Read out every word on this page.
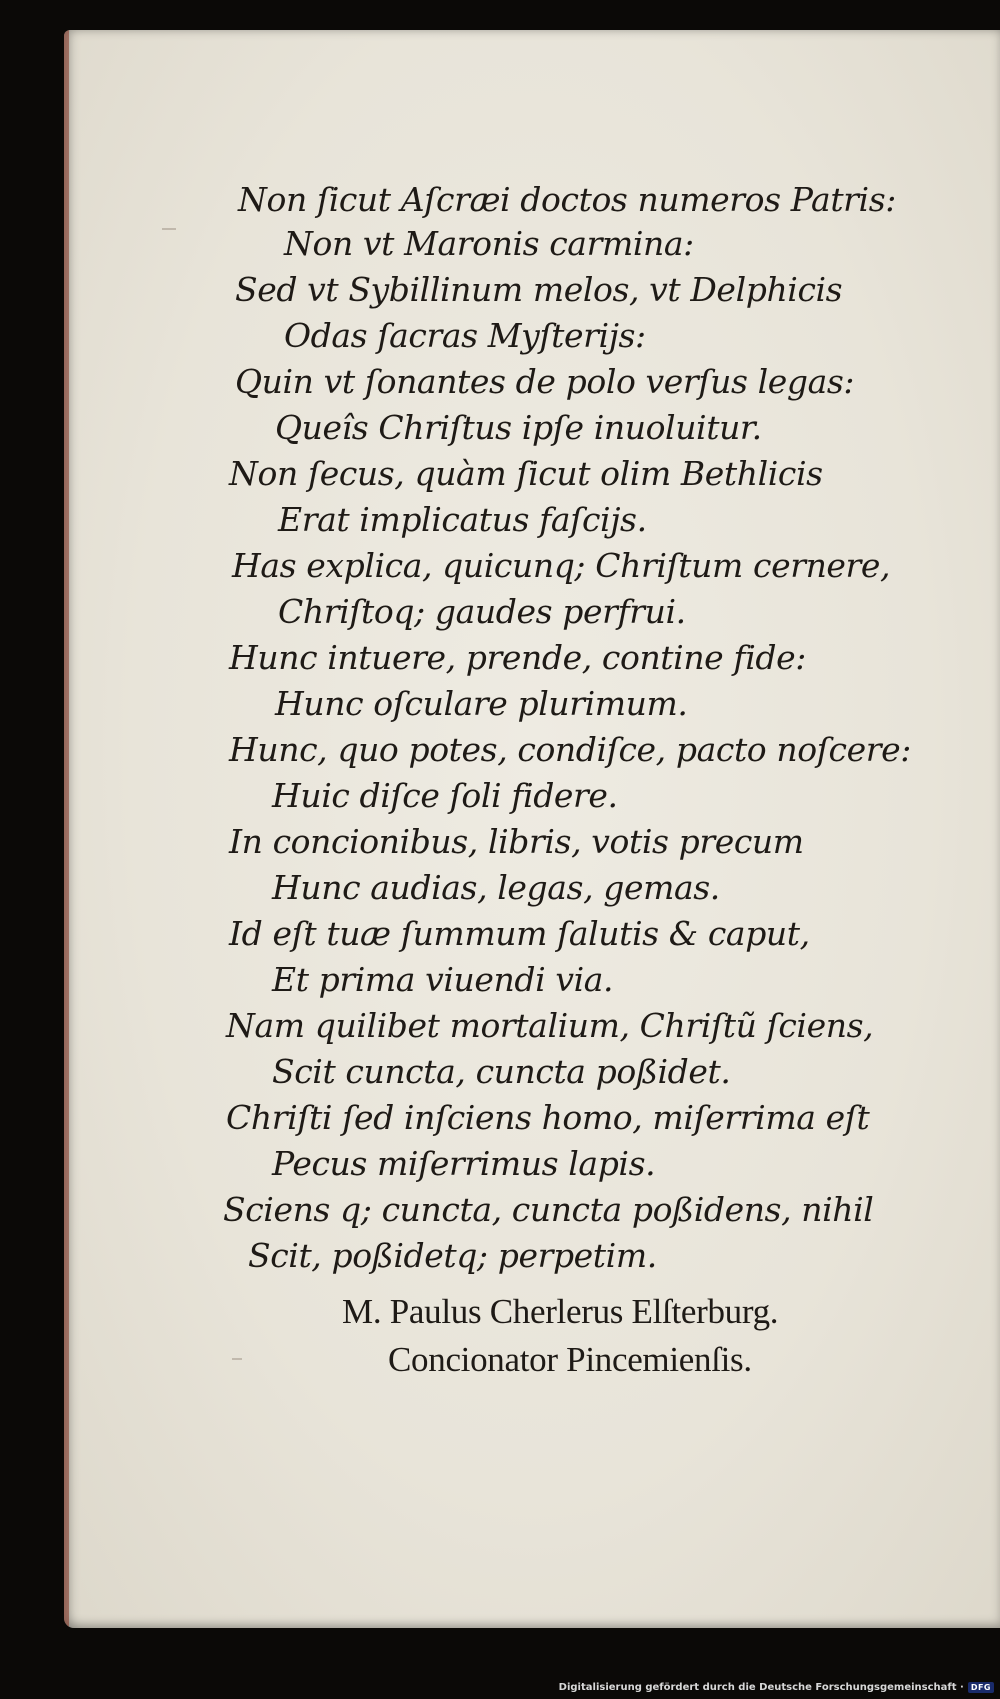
Non ſicut Aſcræi doctos numeros Patris:
Non vt Maronis carmina:
Sed vt Sybillinum melos, vt Delphicis
Odas ſacras Myſterijs:
Quin vt ſonantes de polo verſus legas:
Queîs Chriſtus ipſe inuoluitur.
Non ſecus, quàm ſicut olim Bethlicis
Erat implicatus faſcijs.
Has explica, quicunq; Chriſtum cernere,
Chriſtoq; gaudes perfrui.
Hunc intuere, prende, contine fide:
Hunc oſculare plurimum.
Hunc, quo potes, condiſce, pacto noſcere:
Huic diſce ſoli fidere.
In concionibus, libris, votis precum
Hunc audias, legas, gemas.
Id eſt tuæ ſummum ſalutis & caput,
Et prima viuendi via.
Nam quilibet mortalium, Chriſtũ ſciens,
Scit cuncta, cuncta poßidet.
Chriſti ſed inſciens homo, miſerrima eſt
Pecus miſerrimus lapis.
Sciens q; cuncta, cuncta poßidens, nihil
Scit, poßidetq; perpetim.
M. Paulus Cherlerus Elſterburg.
Concionator Pincemienſis.
Digitalisierung gefördert durch die Deutsche Forschungsgemeinschaft · DFG
